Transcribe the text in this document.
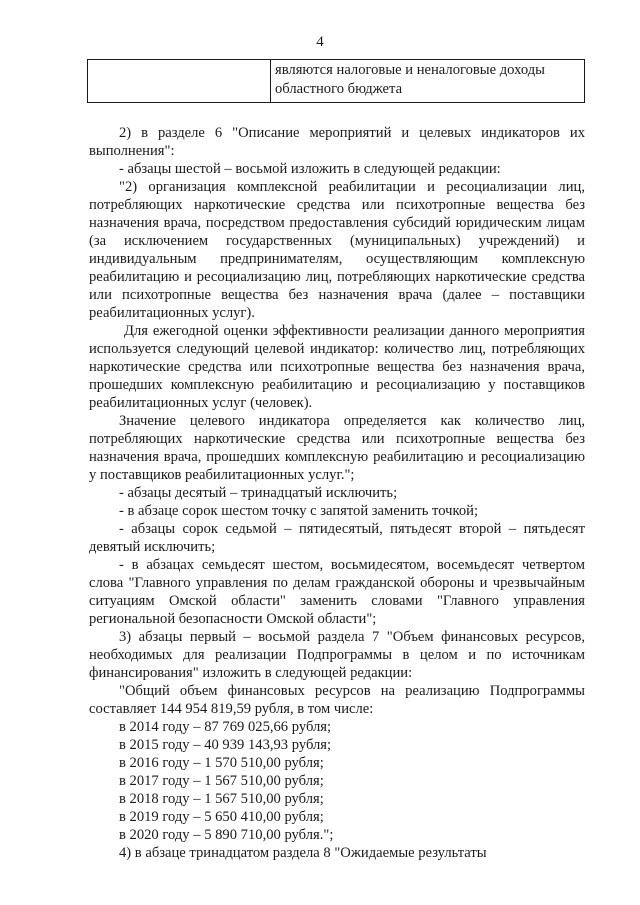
4
	являются налоговые и неналоговые доходы областного бюджета

2) в разделе 6 "Описание мероприятий и целевых индикаторов их выполнения":

- абзацы шестой – восьмой изложить в следующей редакции:

"2) организация комплексной реабилитации и ресоциализации лиц, потребляющих наркотические средства или психотропные вещества без назначения врача, посредством предоставления субсидий юридическим лицам (за исключением государственных (муниципальных) учреждений) и индивидуальным предпринимателям, осуществляющим комплексную реабилитацию и ресоциализацию лиц, потребляющих наркотические средства или психотропные вещества без назначения врача (далее – поставщики реабилитационных услуг).

Для ежегодной оценки эффективности реализации данного мероприятия используется следующий целевой индикатор: количество лиц, потребляющих наркотические средства или психотропные вещества без назначения врача, прошедших комплексную реабилитацию и ресоциализацию у поставщиков реабилитационных услуг (человек).

Значение целевого индикатора определяется как количество лиц, потребляющих наркотические средства или психотропные вещества без назначения врача, прошедших комплексную реабилитацию и ресоциализацию у поставщиков реабилитационных услуг.";

- абзацы десятый – тринадцатый исключить;

- в абзаце сорок шестом точку с запятой заменить точкой;

- абзацы сорок седьмой – пятидесятый, пятьдесят второй – пятьдесят девятый исключить;

- в абзацах семьдесят шестом, восьмидесятом, восемьдесят четвертом слова "Главного управления по делам гражданской обороны и чрезвычайным ситуациям Омской области" заменить словами "Главного управления региональной безопасности Омской области";

3) абзацы первый – восьмой раздела 7 "Объем финансовых ресурсов, необходимых для реализации Подпрограммы в целом и по источникам финансирования" изложить в следующей редакции:

"Общий объем финансовых ресурсов на реализацию Подпрограммы составляет 144 954 819,59 рубля, в том числе:

в 2014 году – 87 769 025,66 рубля;

в 2015 году – 40 939 143,93 рубля;

в 2016 году – 1 570 510,00 рубля;

в 2017 году – 1 567 510,00 рубля;

в 2018 году – 1 567 510,00 рубля;

в 2019 году – 5 650 410,00 рубля;

в 2020 году – 5 890 710,00 рубля.";

4) в абзаце тринадцатом раздела 8 "Ожидаемые результаты
